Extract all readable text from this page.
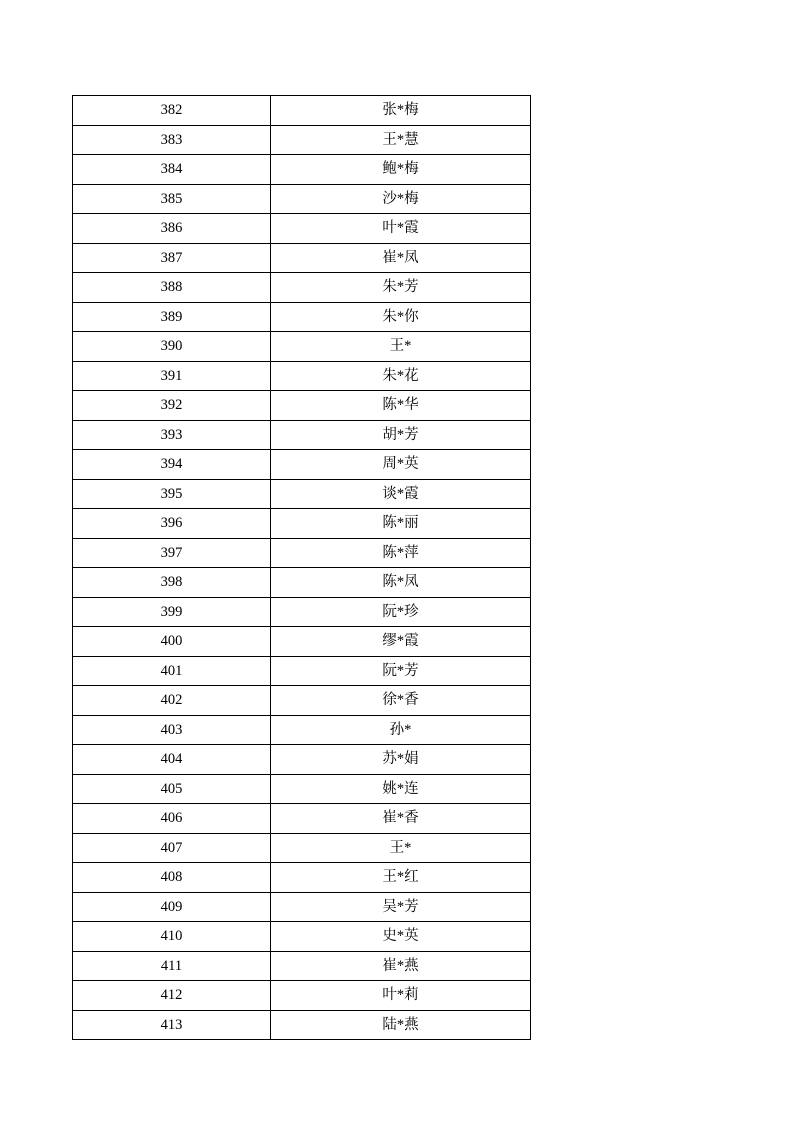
382	张*梅
383	王*慧
384	鲍*梅
385	沙*梅
386	叶*霞
387	崔*凤
388	朱*芳
389	朱*你
390	王*
391	朱*花
392	陈*华
393	胡*芳
394	周*英
395	谈*霞
396	陈*丽
397	陈*萍
398	陈*凤
399	阮*珍
400	缪*霞
401	阮*芳
402	徐*香
403	孙*
404	苏*娟
405	姚*连
406	崔*香
407	王*
408	王*红
409	吴*芳
410	史*英
411	崔*燕
412	叶*莉
413	陆*燕
